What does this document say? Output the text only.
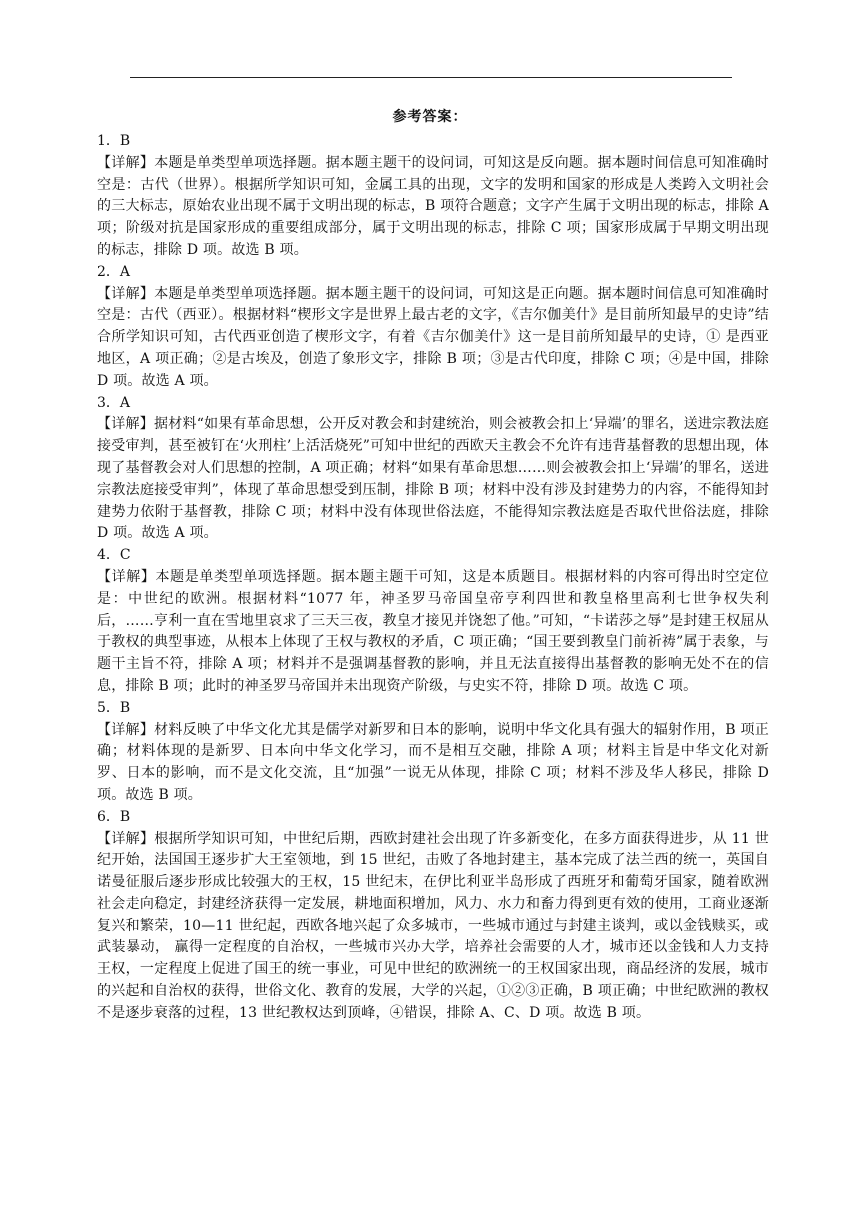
参考答案：

1．B

【详解】本题是单类型单项选择题。据本题主题干的设问词，可知这是反向题。据本题时间信息可知准确时空是：古代（世界）。根据所学知识可知，金属工具的出现，文字的发明和国家的形成是人类跨入文明社会的三大标志，原始农业出现不属于文明出现的标志，B 项符合题意；文字产生属于文明出现的标志，排除 A 项；阶级对抗是国家形成的重要组成部分，属于文明出现的标志，排除 C 项；国家形成属于早期文明出现的标志，排除 D 项。故选 B 项。

2．A

【详解】本题是单类型单项选择题。据本题主题干的设问词，可知这是正向题。据本题时间信息可知准确时空是：古代（西亚）。根据材料“楔形文字是世界上最古老的文字，《吉尔伽美什》是目前所知最早的史诗”结合所学知识可知，古代西亚创造了楔形文字，有着《吉尔伽美什》这一是目前所知最早的史诗，① 是西亚地区，A 项正确；②是古埃及，创造了象形文字，排除 B 项；③是古代印度，排除 C 项；④是中国，排除 D 项。故选 A 项。

3．A

【详解】据材料“如果有革命思想，公开反对教会和封建统治，则会被教会扣上‘异端’的罪名，送进宗教法庭接受审判，甚至被钉在‘火刑柱’上活活烧死”可知中世纪的西欧天主教会不允许有违背基督教的思想出现，体现了基督教会对人们思想的控制，A 项正确；材料“如果有革命思想……则会被教会扣上‘异端’的罪名，送进宗教法庭接受审判”，体现了革命思想受到压制，排除 B 项；材料中没有涉及封建势力的内容，不能得知封建势力依附于基督教，排除 C 项；材料中没有体现世俗法庭，不能得知宗教法庭是否取代世俗法庭，排除 D 项。故选 A 项。

4．C

【详解】本题是单类型单项选择题。据本题主题干可知，这是本质题目。根据材料的内容可得出时空定位是：中世纪的欧洲。根据材料“1077 年，神圣罗马帝国皇帝亨利四世和教皇格里高利七世争权失利后，……亨利一直在雪地里哀求了三天三夜，教皇才接见并饶恕了他。”可知，“卡诺莎之辱”是封建王权屈从于教权的典型事迹，从根本上体现了王权与教权的矛盾，C 项正确；“国王要到教皇门前祈祷”属于表象，与题干主旨不符，排除 A 项；材料并不是强调基督教的影响，并且无法直接得出基督教的影响无处不在的信息，排除 B 项；此时的神圣罗马帝国并未出现资产阶级，与史实不符，排除 D 项。故选 C 项。

5．B

【详解】材料反映了中华文化尤其是儒学对新罗和日本的影响，说明中华文化具有强大的辐射作用，B 项正确；材料体现的是新罗、日本向中华文化学习，而不是相互交融，排除 A 项；材料主旨是中华文化对新罗、日本的影响，而不是文化交流，且“加强”一说无从体现，排除 C 项；材料不涉及华人移民，排除 D 项。故选 B 项。

6．B

【详解】根据所学知识可知，中世纪后期，西欧封建社会出现了许多新变化，在多方面获得进步，从 11 世纪开始，法国国王逐步扩大王室领地，到 15 世纪，击败了各地封建主，基本完成了法兰西的统一，英国自诺曼征服后逐步形成比较强大的王权，15 世纪末，在伊比利亚半岛形成了西班牙和葡萄牙国家，随着欧洲社会走向稳定，封建经济获得一定发展，耕地面积增加，风力、水力和畜力得到更有效的使用，工商业逐渐复兴和繁荣，10—11 世纪起，西欧各地兴起了众多城市，一些城市通过与封建主谈判，或以金钱赎买，或武装暴动， 赢得一定程度的自治权，一些城市兴办大学，培养社会需要的人才，城市还以金钱和人力支持王权，一定程度上促进了国王的统一事业，可见中世纪的欧洲统一的王权国家出现，商品经济的发展，城市的兴起和自治权的获得，世俗文化、教育的发展，大学的兴起，①②③正确，B 项正确；中世纪欧洲的教权不是逐步衰落的过程，13 世纪教权达到顶峰，④错误，排除 A、C、D 项。故选 B 项。
